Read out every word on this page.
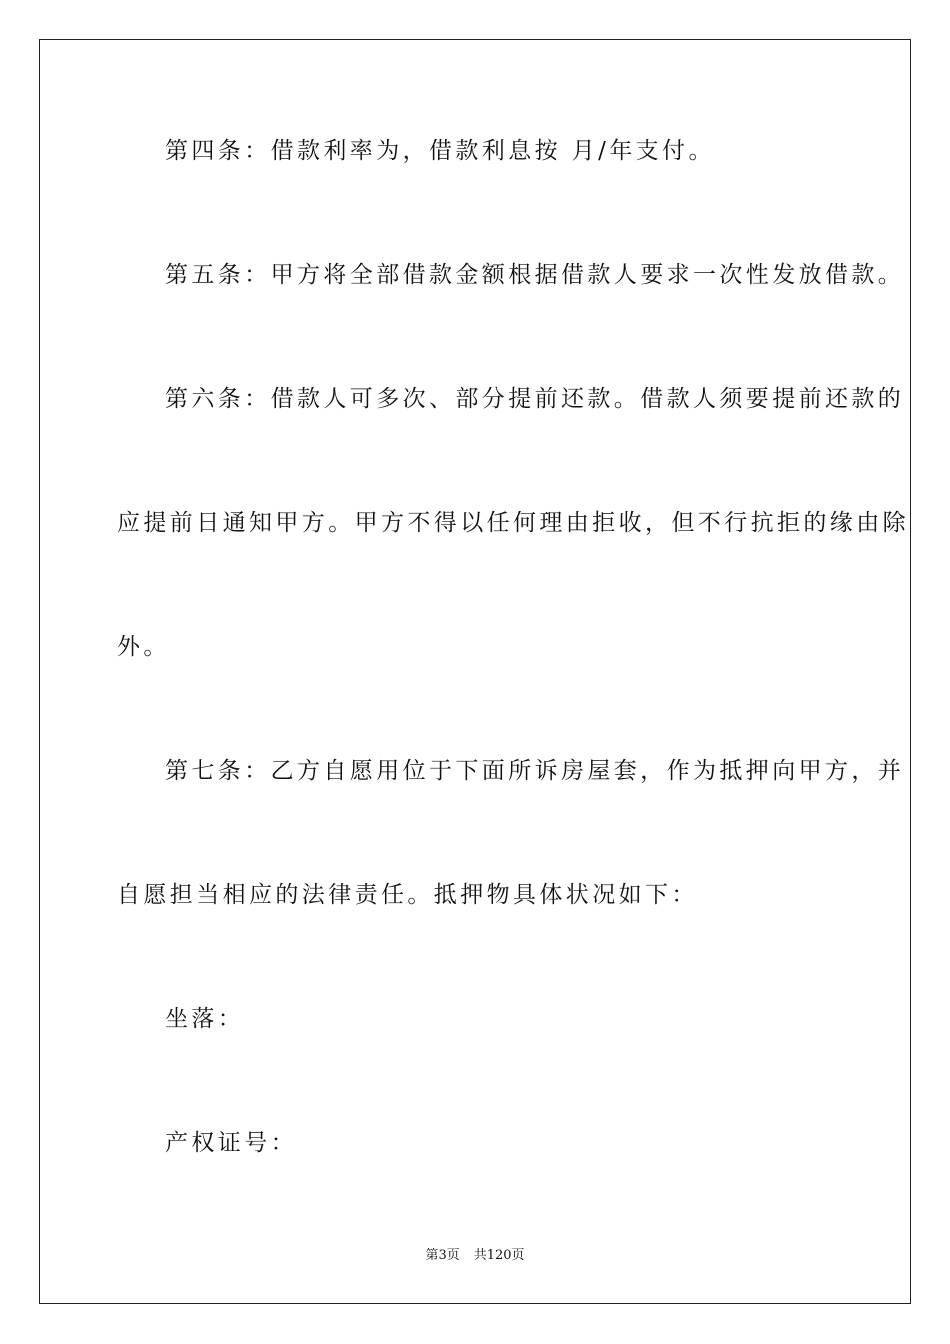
第四条：借款利率为，借款利息按 月/年支付。

第五条：甲方将全部借款金额根据借款人要求一次性发放借款。

第六条：借款人可多次、部分提前还款。借款人须要提前还款的

应提前日通知甲方。甲方不得以任何理由拒收，但不行抗拒的缘由除

外。

第七条：乙方自愿用位于下面所诉房屋套，作为抵押向甲方，并

自愿担当相应的法律责任。抵押物具体状况如下：

坐落：

产权证号：

第3页 共120页
